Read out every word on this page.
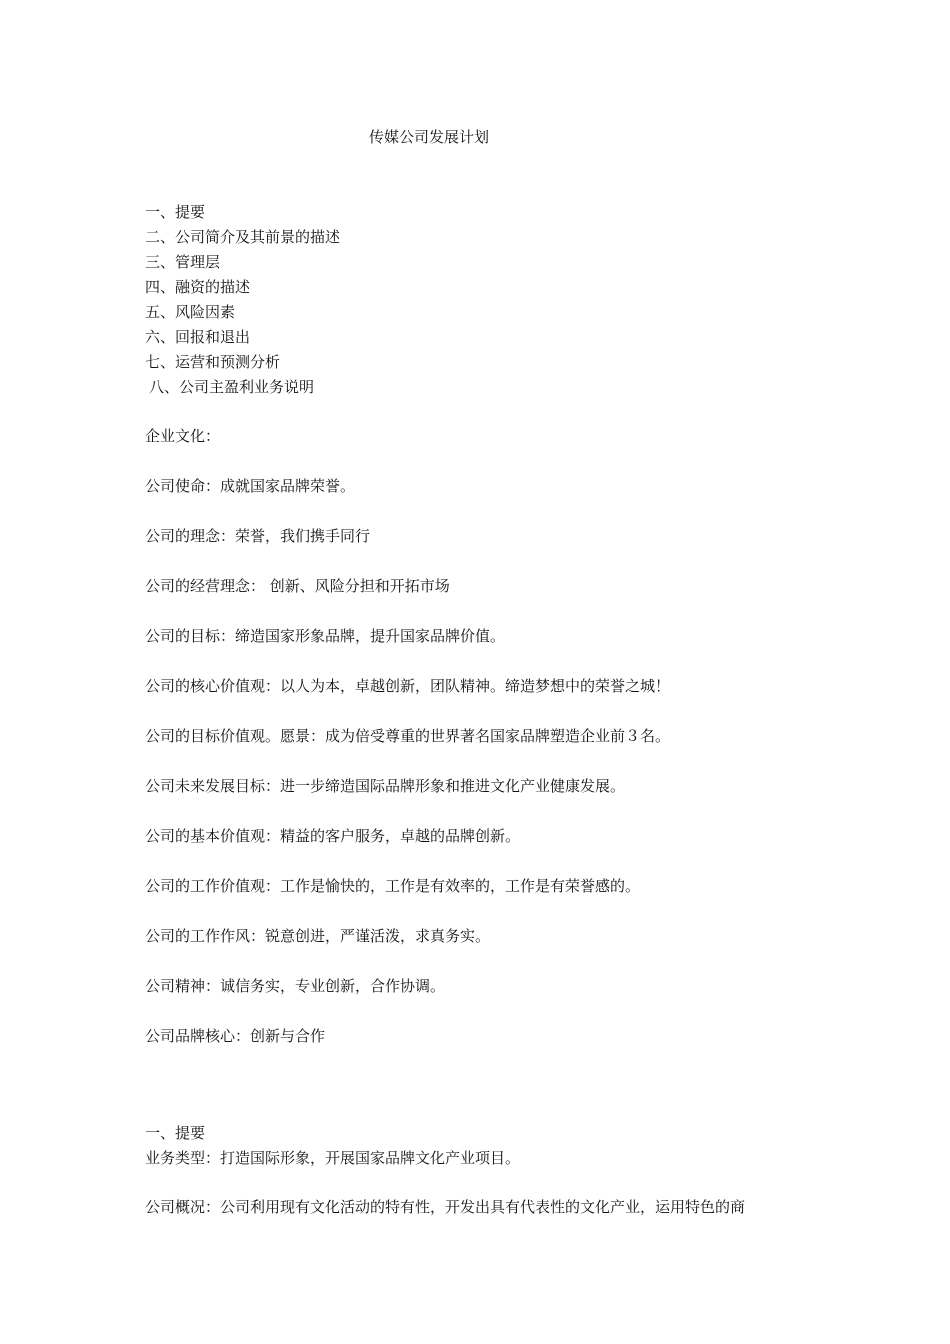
传媒公司发展计划
一、提要
二、公司简介及其前景的描述
三、管理层
四、融资的描述
五、风险因素
六、回报和退出
七、运营和预测分析
八、公司主盈利业务说明

企业文化：

公司使命：成就国家品牌荣誉。

公司的理念：荣誉，我们携手同行

公司的经营理念： 创新、风险分担和开拓市场

公司的目标：缔造国家形象品牌，提升国家品牌价值。

公司的核心价值观：以人为本，卓越创新，团队精神。缔造梦想中的荣誉之城！

公司的目标价值观。愿景：成为倍受尊重的世界著名国家品牌塑造企业前３名。

公司未来发展目标：进一步缔造国际品牌形象和推进文化产业健康发展。

公司的基本价值观：精益的客户服务，卓越的品牌创新。

公司的工作价值观：工作是愉快的，工作是有效率的，工作是有荣誉感的。

公司的工作作风：锐意创进，严谨活泼，求真务实。

公司精神：诚信务实，专业创新，合作协调。

公司品牌核心：创新与合作

一、提要

业务类型：打造国际形象，开展国家品牌文化产业项目。

公司概况：公司利用现有文化活动的特有性，开发出具有代表性的文化产业，运用特色的商
